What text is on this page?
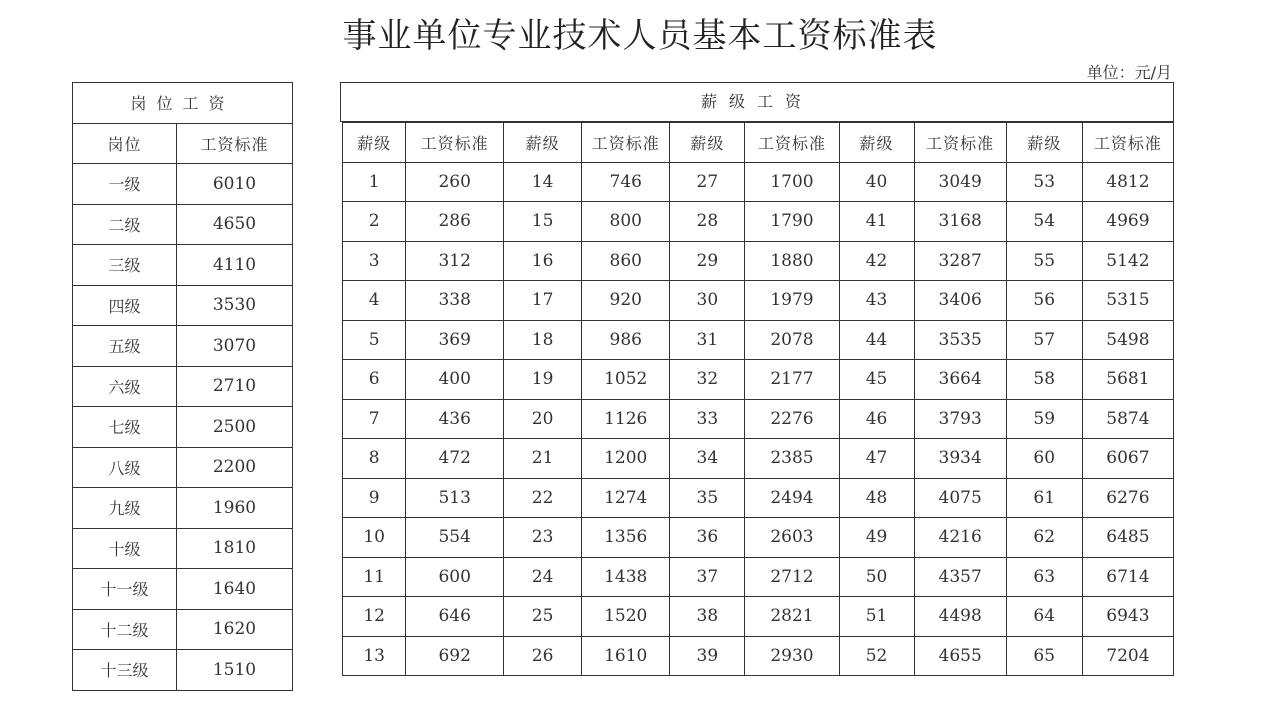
事业单位专业技术人员基本工资标准表
单位：元/月
岗位工资	
岗位	工资标准
一级	6010
二级	4650
三级	4110
四级	3530
五级	3070
六级	2710
七级	2500
八级	2200
九级	1960
十级	1810
十一级	1640
十二级	1620
十三级	1510
薪级工资
薪级	工资标准	薪级	工资标准	薪级	工资标准	薪级	工资标准	薪级	工资标准
1	260	14	746	27	1700	40	3049	53	4812
2	286	15	800	28	1790	41	3168	54	4969
3	312	16	860	29	1880	42	3287	55	5142
4	338	17	920	30	1979	43	3406	56	5315
5	369	18	986	31	2078	44	3535	57	5498
6	400	19	1052	32	2177	45	3664	58	5681
7	436	20	1126	33	2276	46	3793	59	5874
8	472	21	1200	34	2385	47	3934	60	6067
9	513	22	1274	35	2494	48	4075	61	6276
10	554	23	1356	36	2603	49	4216	62	6485
11	600	24	1438	37	2712	50	4357	63	6714
12	646	25	1520	38	2821	51	4498	64	6943
13	692	26	1610	39	2930	52	4655	65	7204
